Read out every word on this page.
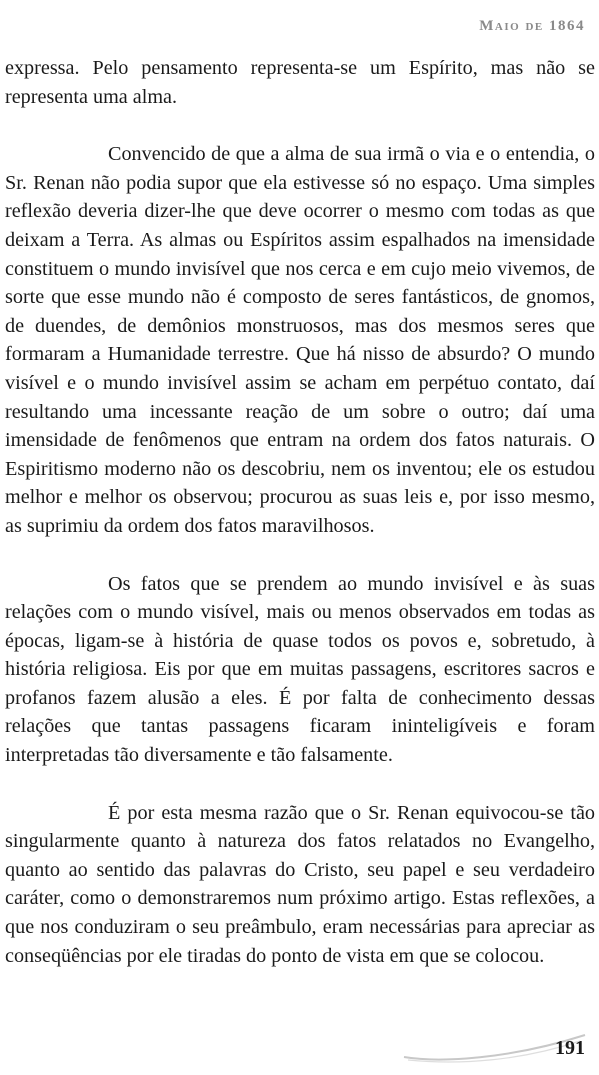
Maio de 1864

expressa. Pelo pensamento representa-se um Espírito, mas não se representa uma alma.

Convencido de que a alma de sua irmã o via e o entendia, o Sr. Renan não podia supor que ela estivesse só no espaço. Uma simples reflexão deveria dizer-lhe que deve ocorrer o mesmo com todas as que deixam a Terra. As almas ou Espíritos assim espalhados na imensidade constituem o mundo invisível que nos cerca e em cujo meio vivemos, de sorte que esse mundo não é composto de seres fantásticos, de gnomos, de duendes, de demônios monstruosos, mas dos mesmos seres que formaram a Humanidade terrestre. Que há nisso de absurdo? O mundo visível e o mundo invisível assim se acham em perpétuo contato, daí resultando uma incessante reação de um sobre o outro; daí uma imensidade de fenômenos que entram na ordem dos fatos naturais. O Espiritismo moderno não os descobriu, nem os inventou; ele os estudou melhor e melhor os observou; procurou as suas leis e, por isso mesmo, as suprimiu da ordem dos fatos maravilhosos.

Os fatos que se prendem ao mundo invisível e às suas relações com o mundo visível, mais ou menos observados em todas as épocas, ligam-se à história de quase todos os povos e, sobretudo, à história religiosa. Eis por que em muitas passagens, escritores sacros e profanos fazem alusão a eles. É por falta de conhecimento dessas relações que tantas passagens ficaram ininteligíveis e foram interpretadas tão diversamente e tão falsamente.

É por esta mesma razão que o Sr. Renan equivocou-se tão singularmente quanto à natureza dos fatos relatados no Evangelho, quanto ao sentido das palavras do Cristo, seu papel e seu verdadeiro caráter, como o demonstraremos num próximo artigo. Estas reflexões, a que nos conduziram o seu preâmbulo, eram necessárias para apreciar as conseqüências por ele tiradas do ponto de vista em que se colocou.

191
